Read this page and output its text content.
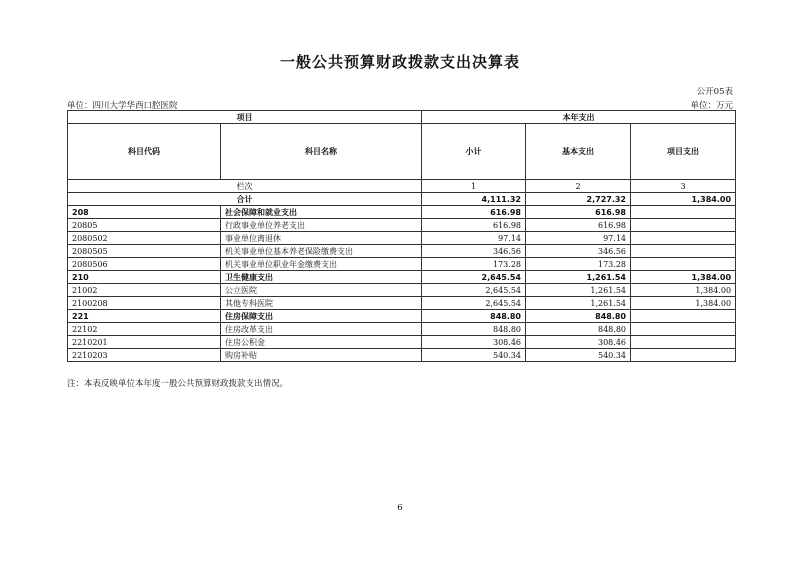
一般公共预算财政拨款支出决算表
公开05表
单位：四川大学华西口腔医院	单位：万元
项目		本年支出		
科目代码	科目名称	小计	基本支出	项目支出
栏次		1	2	3
合计		4,111.32	2,727.32	1,384.00
208	社会保障和就业支出	616.98	616.98	
20805	行政事业单位养老支出	616.98	616.98	
2080502	事业单位离退休	97.14	97.14	
2080505	机关事业单位基本养老保险缴费支出	346.56	346.56	
2080506	机关事业单位职业年金缴费支出	173.28	173.28	
210	卫生健康支出	2,645.54	1,261.54	1,384.00
21002	公立医院	2,645.54	1,261.54	1,384.00
2100208	其他专科医院	2,645.54	1,261.54	1,384.00
221	住房保障支出	848.80	848.80	
22102	住房改革支出	848.80	848.80	
2210201	住房公积金	308.46	308.46	
2210203	购房补贴	540.34	540.34	
注：本表反映单位本年度一般公共预算财政拨款支出情况。
6
